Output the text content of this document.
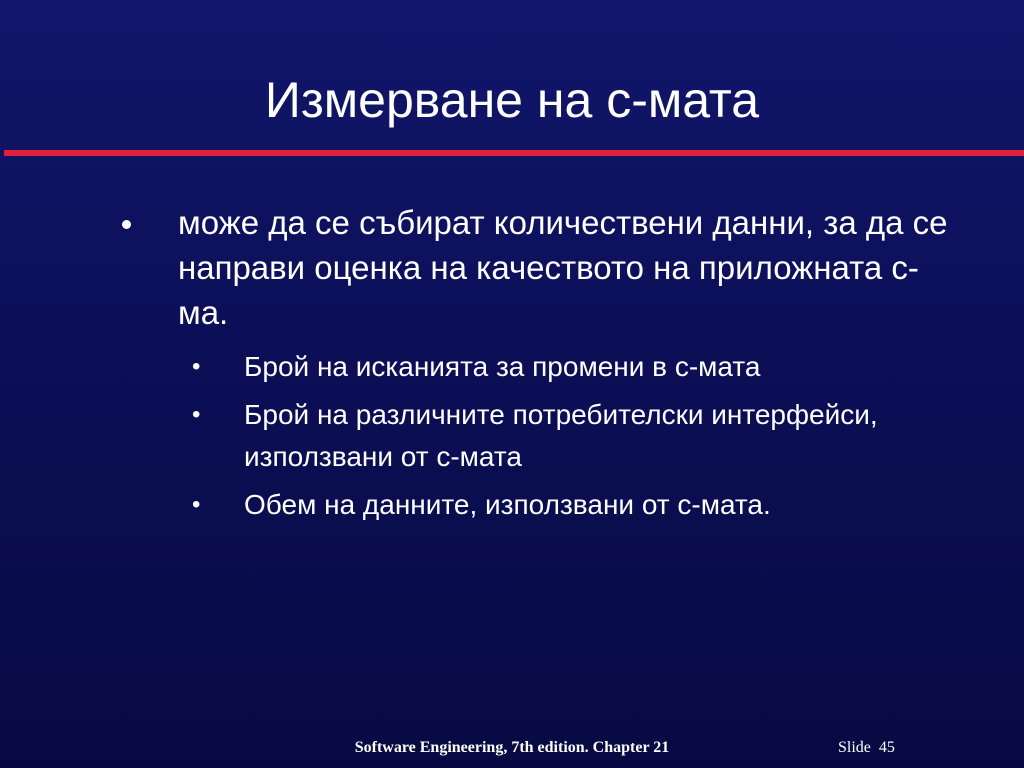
Измерване на с-мата
може да се събират количествени данни, за да се направи оценка на качеството на приложната с-ма.
• Брой на исканията за промени в с-мата
• Брой на различните потребителски интерфейси, използвани от с-мата
• Обем на данните, използвани от с-мата.
Software Engineering, 7th edition. Chapter 21	Slide 45
